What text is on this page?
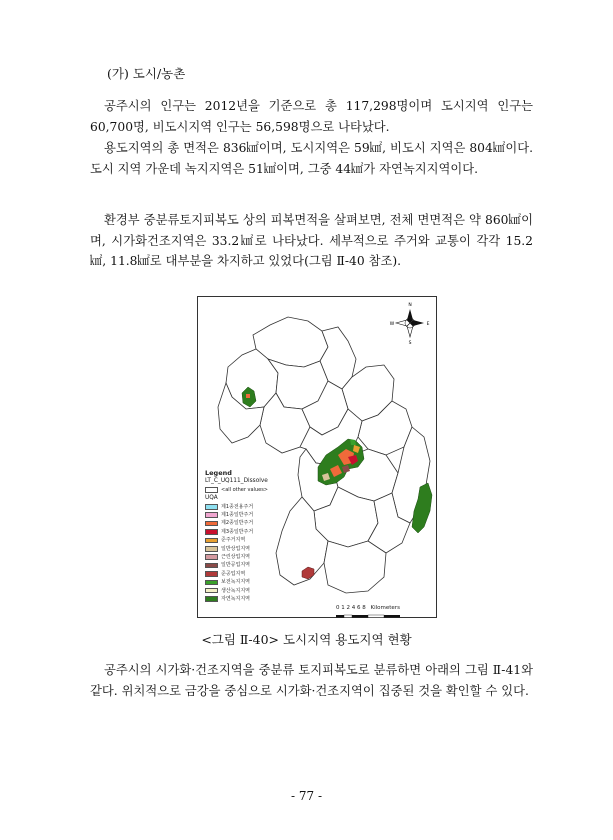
(가) 도시/농촌

공주시의 인구는 2012년을 기준으로 총 117,298명이며 도시지역 인구는 60,700명, 비도시지역 인구는 56,598명으로 나타났다.

용도지역의 총 면적은 836㎢이며, 도시지역은 59㎢, 비도시 지역은 804㎢이다. 도시 지역 가운데 녹지지역은 51㎢이며, 그중 44㎢가 자연녹지지역이다.

환경부 중분류토지피복도 상의 피복면적을 살펴보면, 전체 면면적은 약 860㎢이며, 시가화건조지역은 33.2㎢로 나타났다. 세부적으로 주거와 교통이 각각 15.2㎢, 11.8㎢로 대부분을 차지하고 있었다(그림 Ⅱ-40 참조).

N
S
E
W
Legend
LT_C_UQ111_Dissolve
<all other values>
UQA
제1종전용주거
제1종일반주거
제2종일반주거
제3종일반주거
준주거지역
일반상업지역
근린상업지역
일반공업지역
준공업지역
보전녹지지역
생산녹지지역
자연녹지지역
0 1 2 4 6 8 Kilometers
<그림 Ⅱ-40> 도시지역 용도지역 현황

공주시의 시가화·건조지역을 중분류 토지피복도로 분류하면 아래의 그림 Ⅱ-41와 같다. 위치적으로 금강을 중심으로 시가화·건조지역이 집중된 것을 확인할 수 있다.

- 77 -
